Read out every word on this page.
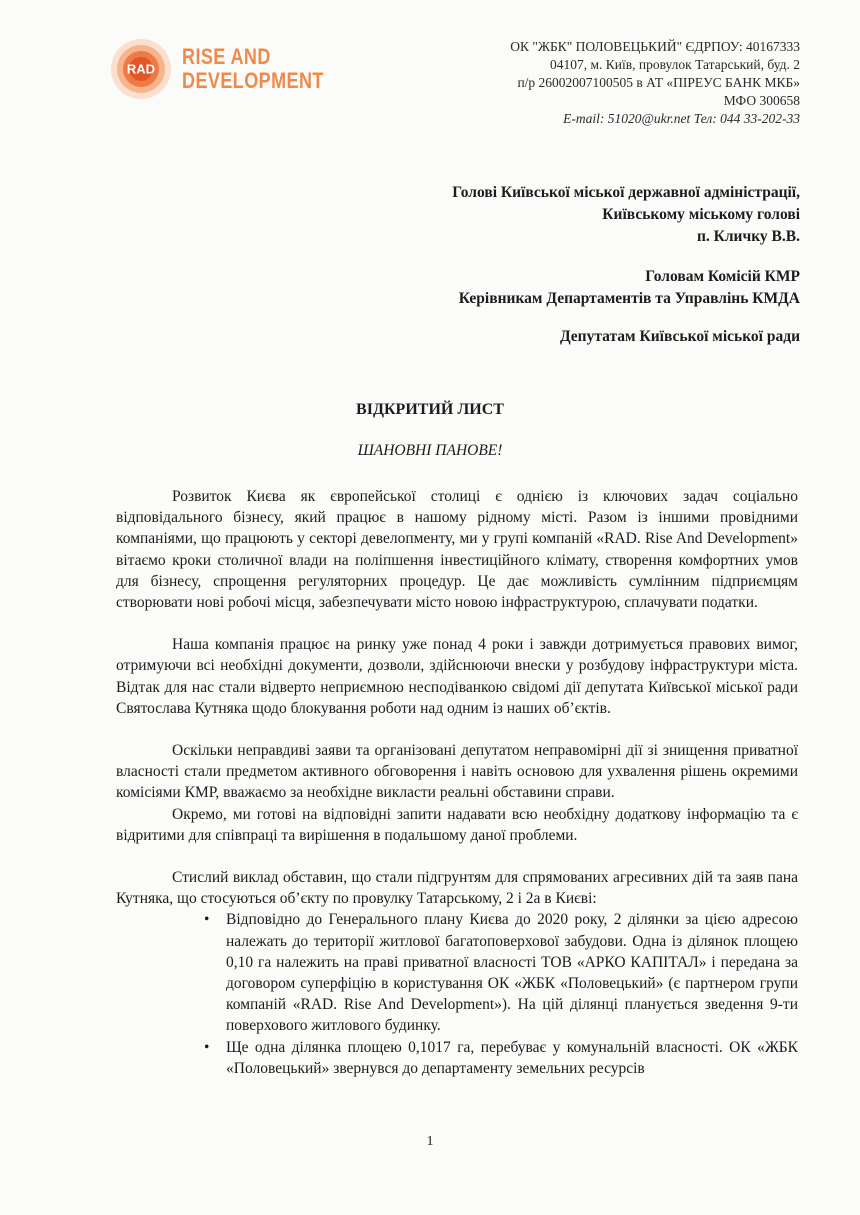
RAD RISE AND
DEVELOPMENT
ОК "ЖБК" ПОЛОВЕЦЬКИЙ" ЄДРПОУ: 40167333
04107, м. Київ, провулок Татарський, буд. 2
п/р 26002007100505 в АТ «ПІРЕУС БАНК МКБ»
МФО 300658
E-mail: 51020@ukr.net Тел: 044 33-202-33
Голові Київської міської державної адміністрації,
Київському міському голові
п. Кличку В.В.
Головам Комісій КМР
Керівникам Департаментів та Управлінь КМДА
Депутатам Київської міської ради
ВІДКРИТИЙ ЛИСТ
ШАНОВНІ ПАНОВЕ!

Розвиток Києва як європейської столиці є однією із ключових задач соціально відповідального бізнесу, який працює в нашому рідному місті. Разом із іншими провідними компаніями, що працюють у секторі девелопменту, ми у групі компаній «RAD. Rise And Development» вітаємо кроки столичної влади на поліпшення інвестиційного клімату, створення комфортних умов для бізнесу, спрощення регуляторних процедур. Це дає можливість сумлінним підприємцям створювати нові робочі місця, забезпечувати місто новою інфраструктурою, сплачувати податки.

Наша компанія працює на ринку уже понад 4 роки і завжди дотримується правових вимог, отримуючи всі необхідні документи, дозволи, здійснюючи внески у розбудову інфраструктури міста. Відтак для нас стали відверто неприємною несподіванкою свідомі дії депутата Київської міської ради Святослава Кутняка щодо блокування роботи над одним із наших об’єктів.

Оскільки неправдиві заяви та організовані депутатом неправомірні дії зі знищення приватної власності стали предметом активного обговорення і навіть основою для ухвалення рішень окремими комісіями КМР, вважаємо за необхідне викласти реальні обставини справи.

Окремо, ми готові на відповідні запити надавати всю необхідну додаткову інформацію та є відритими для співпраці та вирішення в подальшому даної проблеми.

Стислий виклад обставин, що стали підгрунтям для спрямованих агресивних дій та заяв пана Кутняка, що стосуються об’єкту по провулку Татарському, 2 і 2а в Києві:

• Відповідно до Генерального плану Києва до 2020 року, 2 ділянки за цією адресою належать до території житлової багатоповерхової забудови. Одна із ділянок площею 0,10 га належить на праві приватної власності ТОВ «АРКО КАПІТАЛ» і передана за договором суперфіцію в користування ОК «ЖБК «Половецький» (є партнером групи компаній «RAD. Rise And Development»). На цій ділянці планується зведення 9-ти поверхового житлового будинку.
• Ще одна ділянка площею 0,1017 га, перебуває у комунальній власності. ОК «ЖБК «Половецький» звернувся до департаменту земельних ресурсів
1
